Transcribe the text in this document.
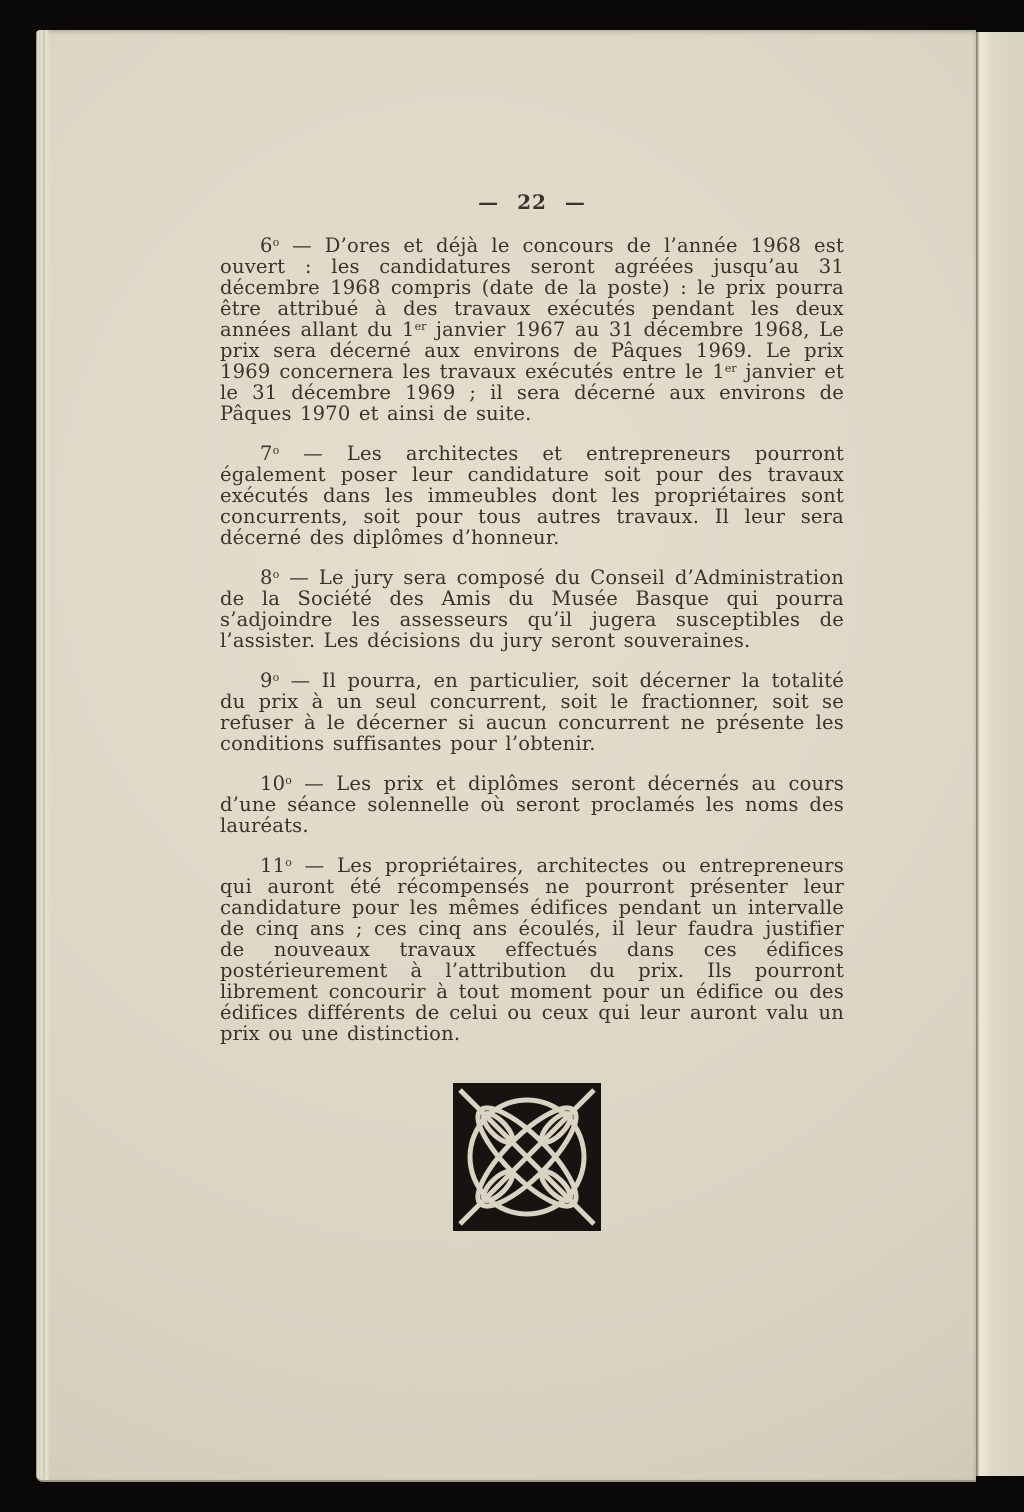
— 22 —

6$^o$ — D’ores et déjà le concours de l’année 1968 est ouvert : les candidatures seront agréées jusqu’au 31 décembre 1968 compris (date de la poste) : le prix pourra être attribué à des travaux exécutés pendant les deux années allant du 1er janvier 1967 au 31 décembre 1968, Le prix sera décerné aux environs de Pâques 1969. Le prix 1969 concernera les travaux exécutés entre le 1er janvier et le 31 décembre 1969 ; il sera décerné aux environs de Pâques 1970 et ainsi de suite.

7$^o$ — Les architectes et entrepreneurs pourront également poser leur candidature soit pour des travaux exécutés dans les immeubles dont les propriétaires sont concurrents, soit pour tous autres travaux. Il leur sera décerné des diplômes d’honneur.

8$^o$ — Le jury sera composé du Conseil d’Administration de la Société des Amis du Musée Basque qui pourra s’adjoindre les assesseurs qu’il jugera susceptibles de l’assister. Les décisions du jury seront souveraines.

9$^o$ — Il pourra, en particulier, soit décerner la totalité du prix à un seul concurrent, soit le fractionner, soit se refuser à le décerner si aucun concurrent ne présente les conditions suffisantes pour l’obtenir.

10$^o$ — Les prix et diplômes seront décernés au cours d’une séance solennelle où seront proclamés les noms des lauréats.

11$^o$ — Les propriétaires, architectes ou entrepreneurs qui auront été récompensés ne pourront présenter leur candidature pour les mêmes édifices pendant un intervalle de cinq ans ; ces cinq ans écoulés, il leur faudra justifier de nouveaux travaux effectués dans ces édifices postérieurement à l’attribution du prix. Ils pourront librement concourir à tout moment pour un édifice ou des édifices différents de celui ou ceux qui leur auront valu un prix ou une distinction.
